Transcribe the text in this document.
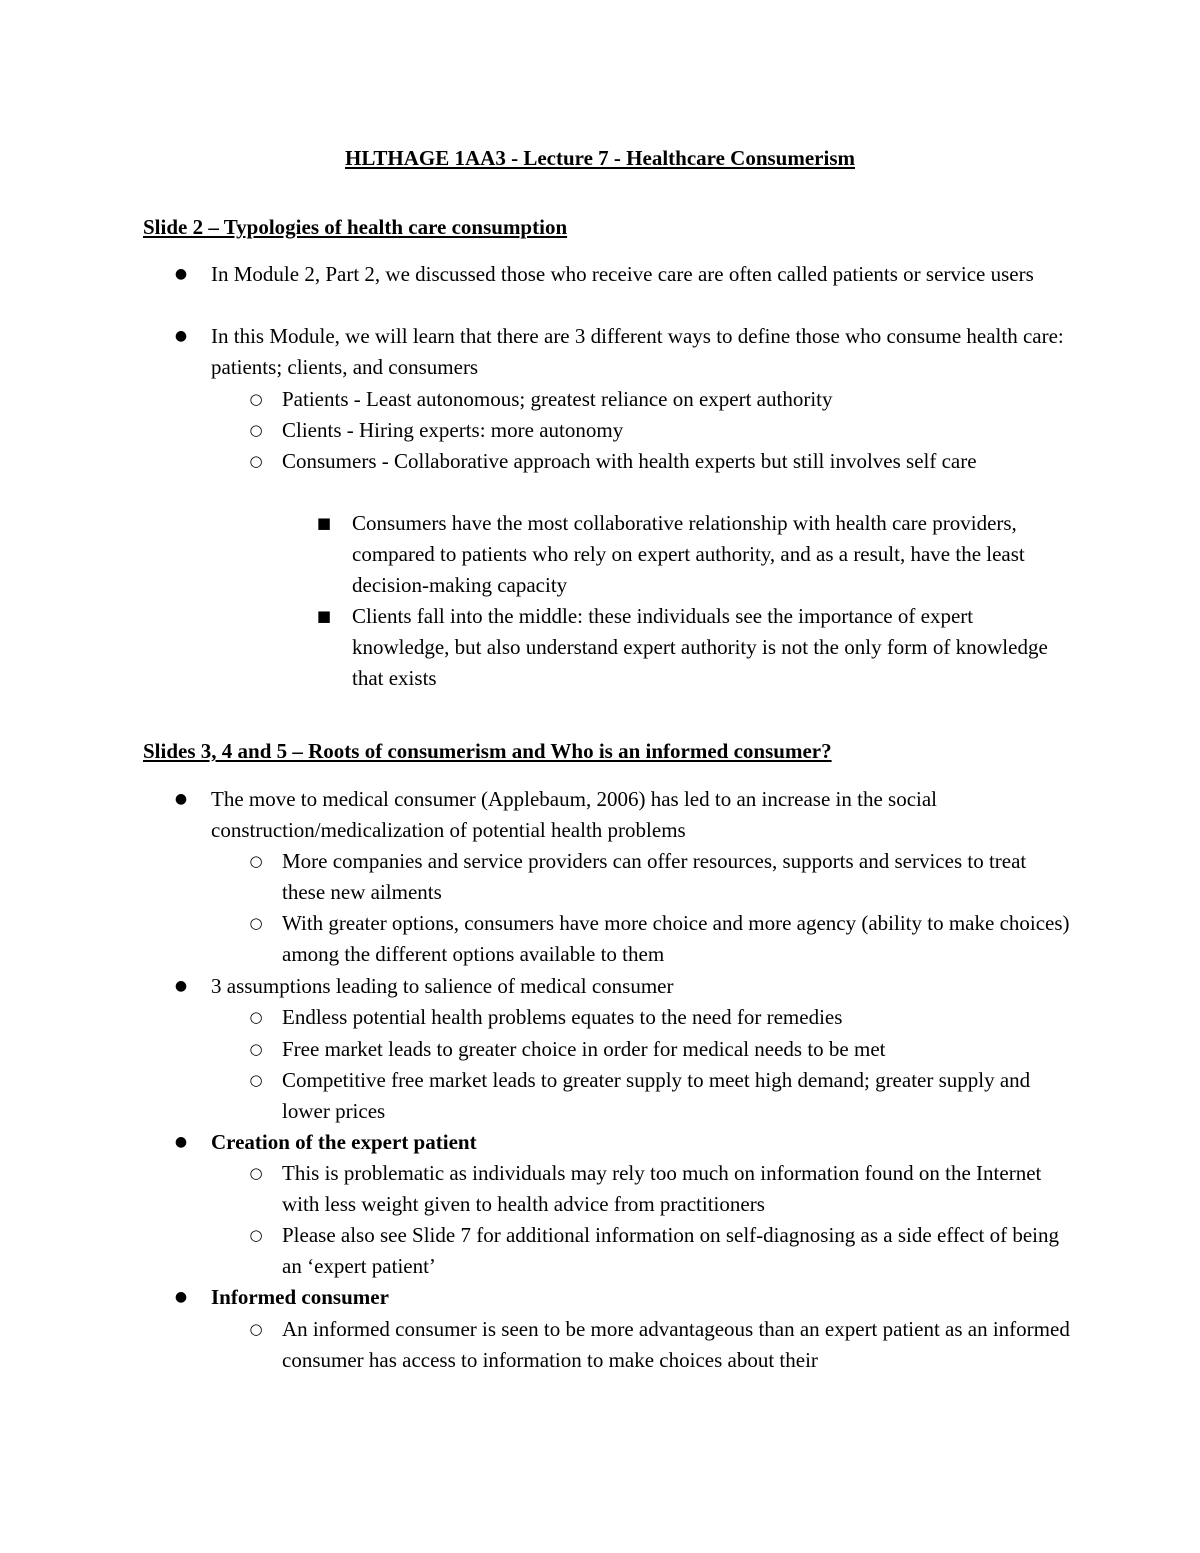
HLTHAGE 1AA3 - Lecture 7 - Healthcare Consumerism

Slide 2 – Typologies of health care consumption

● In Module 2, Part 2, we discussed those who receive care are often called patients or service users
● In this Module, we will learn that there are 3 different ways to define those who consume health care: patients; clients, and consumers
○ Patients - Least autonomous; greatest reliance on expert authority
○ Clients - Hiring experts: more autonomy
○ Consumers - Collaborative approach with health experts but still involves self care
■ Consumers have the most collaborative relationship with health care providers, compared to patients who rely on expert authority, and as a result, have the least decision-making capacity
■ Clients fall into the middle: these individuals see the importance of expert knowledge, but also understand expert authority is not the only form of knowledge that exists

Slides 3, 4 and 5 – Roots of consumerism and Who is an informed consumer?

● The move to medical consumer (Applebaum, 2006) has led to an increase in the social construction/medicalization of potential health problems
○ More companies and service providers can offer resources, supports and services to treat these new ailments
○ With greater options, consumers have more choice and more agency (ability to make choices) among the different options available to them
● 3 assumptions leading to salience of medical consumer
○ Endless potential health problems equates to the need for remedies
○ Free market leads to greater choice in order for medical needs to be met
○ Competitive free market leads to greater supply to meet high demand; greater supply and lower prices
● Creation of the expert patient
○ This is problematic as individuals may rely too much on information found on the Internet with less weight given to health advice from practitioners
○ Please also see Slide 7 for additional information on self-diagnosing as a side effect of being an ‘expert patient’
● Informed consumer
○ An informed consumer is seen to be more advantageous than an expert patient as an informed consumer has access to information to make choices about their
